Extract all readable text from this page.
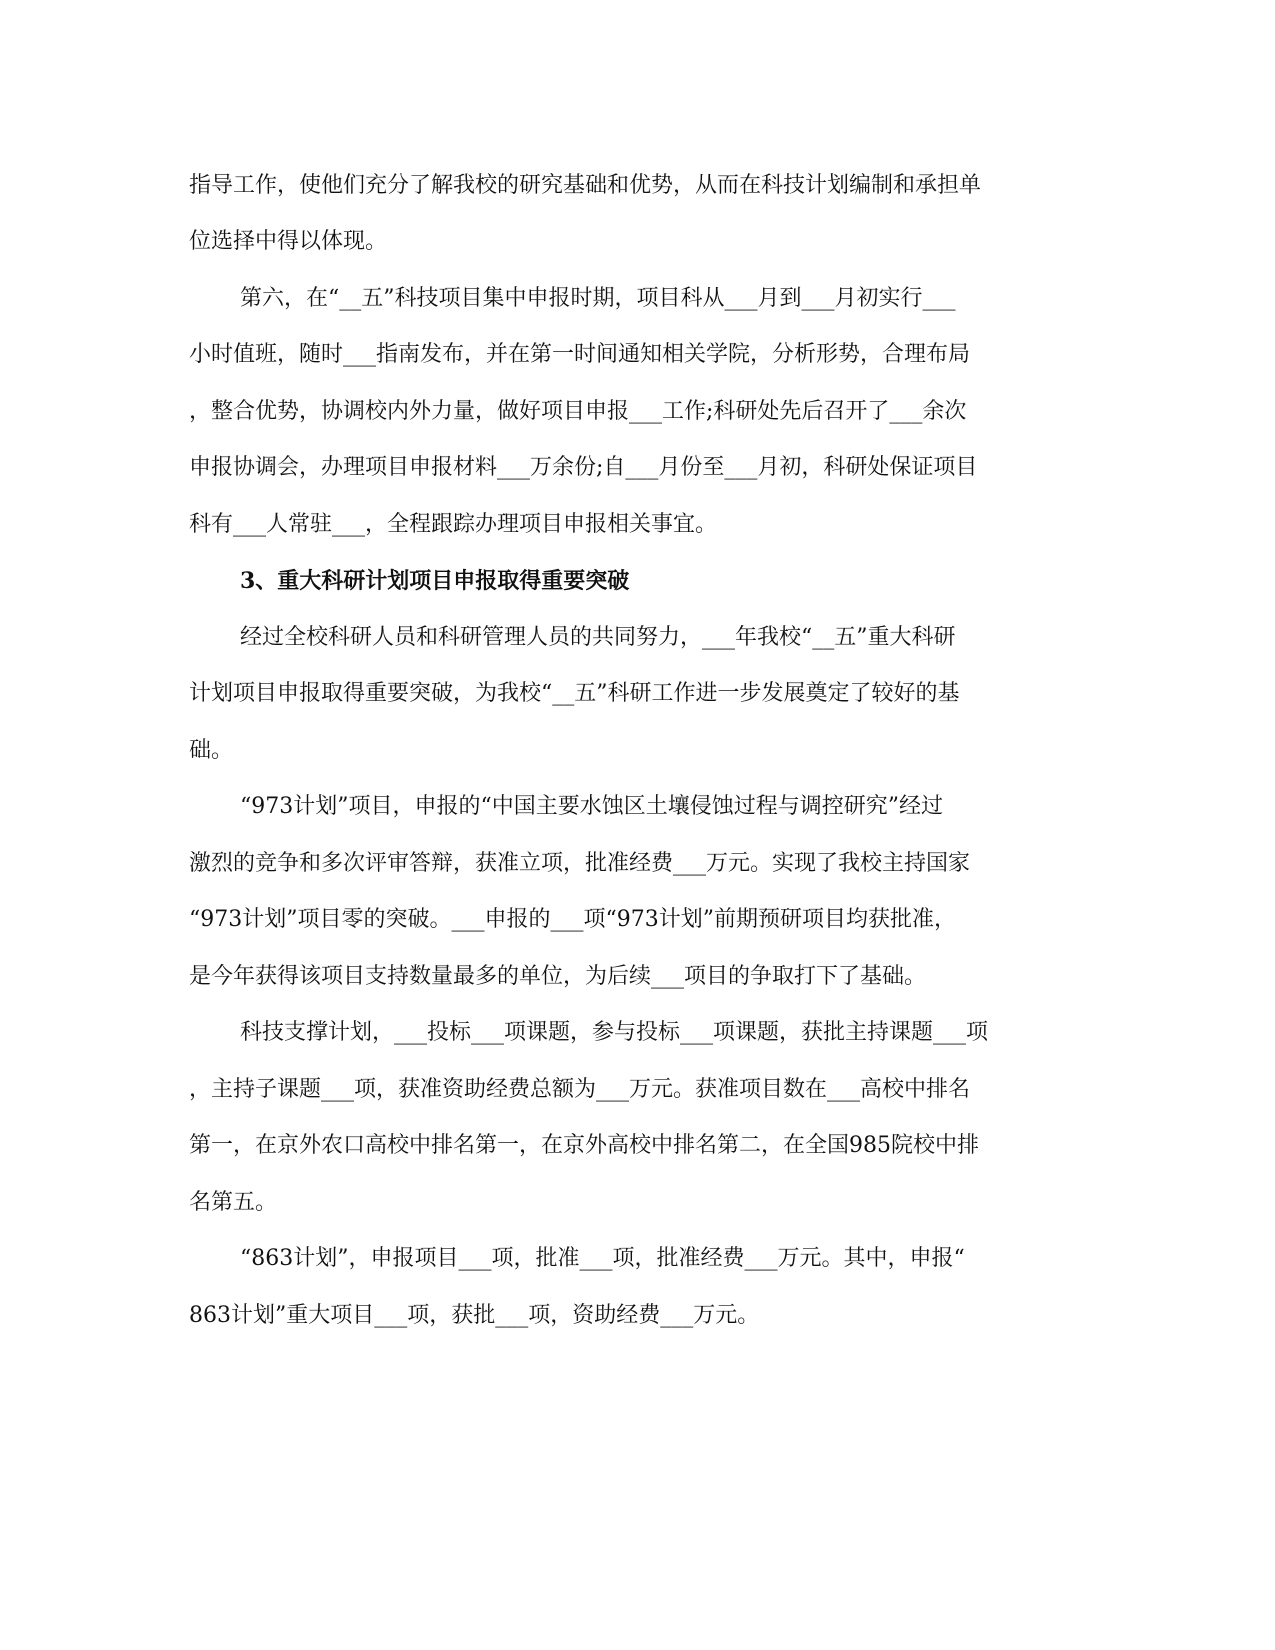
指导工作，使他们充分了解我校的研究基础和优势，从而在科技计划编制和承担单
位选择中得以体现。
第六，在“__五”科技项目集中申报时期，项目科从___月到___月初实行___
小时值班，随时___指南发布，并在第一时间通知相关学院，分析形势，合理布局
，整合优势，协调校内外力量，做好项目申报___工作;科研处先后召开了___余次
申报协调会，办理项目申报材料___万余份;自___月份至___月初，科研处保证项目
科有___人常驻___，全程跟踪办理项目申报相关事宜。
3、重大科研计划项目申报取得重要突破
经过全校科研人员和科研管理人员的共同努力，___年我校“__五”重大科研
计划项目申报取得重要突破，为我校“__五”科研工作进一步发展奠定了较好的基
础。
“973计划”项目，申报的“中国主要水蚀区土壤侵蚀过程与调控研究”经过
激烈的竞争和多次评审答辩，获准立项，批准经费___万元。实现了我校主持国家
“973计划”项目零的突破。___申报的___项“973计划”前期预研项目均获批准，
是今年获得该项目支持数量最多的单位，为后续___项目的争取打下了基础。
科技支撑计划，___投标___项课题，参与投标___项课题，获批主持课题___项
，主持子课题___项，获准资助经费总额为___万元。获准项目数在___高校中排名
第一，在京外农口高校中排名第一，在京外高校中排名第二，在全国985院校中排
名第五。
“863计划”，申报项目___项，批准___项，批准经费___万元。其中，申报“
863计划”重大项目___项，获批___项，资助经费___万元。
